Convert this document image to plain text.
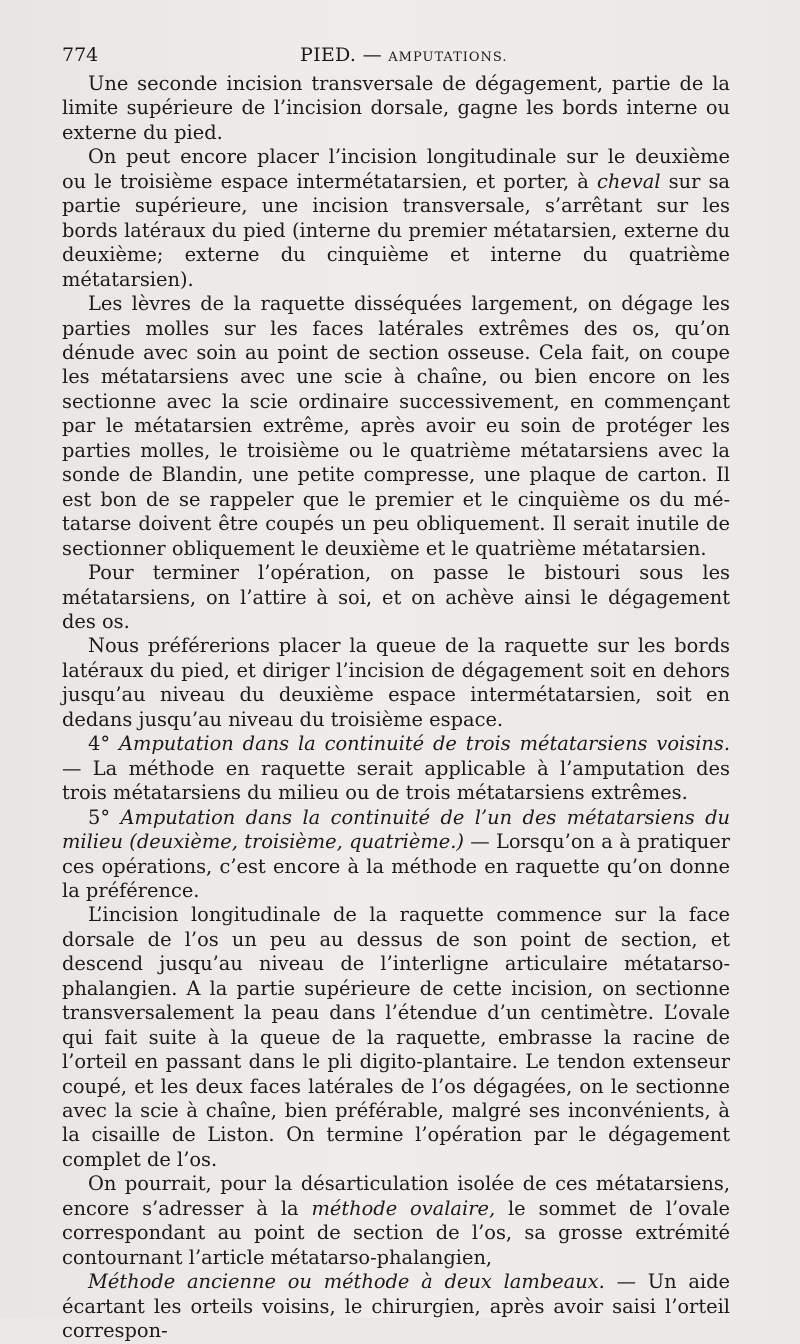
774	PIED. — AMPUTATIONS.

Une seconde incision transversale de dégagement, partie de la limite supérieure de l’incision dorsale, gagne les bords interne ou externe du pied.

On peut encore placer l’incision longitudinale sur le deuxième ou le troisième espace intermétatarsien, et porter, à cheval sur sa partie supérieure, une incision transversale, s’arrêtant sur les bords latéraux du pied (interne du premier métatarsien, externe du deuxième; externe du cinquième et interne du quatrième métatarsien).

Les lèvres de la raquette disséquées largement, on dégage les parties molles sur les faces latérales extrêmes des os, qu’on dénude avec soin au point de section osseuse. Cela fait, on coupe les métatarsiens avec une scie à chaîne, ou bien encore on les sectionne avec la scie ordinaire successivement, en commençant par le métatarsien extrême, après avoir eu soin de protéger les parties molles, le troisième ou le quatrième métatarsiens avec la sonde de Blandin, une petite compresse, une plaque de carton. Il est bon de se rappeler que le premier et le cinquième os du métatarse doivent être coupés un peu obliquement. Il serait inutile de sectionner obliquement le deuxième et le quatrième métatarsien.

Pour terminer l’opération, on passe le bistouri sous les métatarsiens, on l’attire à soi, et on achève ainsi le dégagement des os.

Nous préférerions placer la queue de la raquette sur les bords latéraux du pied, et diriger l’incision de dégagement soit en dehors jusqu’au niveau du deuxième espace intermétatarsien, soit en dedans jusqu’au niveau du troisième espace.

4° Amputation dans la continuité de trois métatarsiens voisins. — La méthode en raquette serait applicable à l’amputation des trois métatarsiens du milieu ou de trois métatarsiens extrêmes.

5° Amputation dans la continuité de l’un des métatarsiens du milieu (deuxième, troisième, quatrième.) — Lorsqu’on a à pratiquer ces opérations, c’est encore à la méthode en raquette qu’on donne la préférence.

L’incision longitudinale de la raquette commence sur la face dorsale de l’os un peu au dessus de son point de section, et descend jusqu’au niveau de l’interligne articulaire métatarso-phalangien. A la partie supérieure de cette incision, on sectionne transversalement la peau dans l’étendue d’un centimètre. L’ovale qui fait suite à la queue de la raquette, embrasse la racine de l’orteil en passant dans le pli digito-plantaire. Le tendon extenseur coupé, et les deux faces latérales de l’os dégagées, on le sectionne avec la scie à chaîne, bien préférable, malgré ses inconvénients, à la cisaille de Liston. On termine l’opération par le dégagement complet de l’os.

On pourrait, pour la désarticulation isolée de ces métatarsiens, encore s’adresser à la méthode ovalaire, le sommet de l’ovale correspondant au point de section de l’os, sa grosse extrémité contournant l’article métatarso-phalangien,

Méthode ancienne ou méthode à deux lambeaux. — Un aide écartant les orteils voisins, le chirurgien, après avoir saisi l’orteil correspon-
